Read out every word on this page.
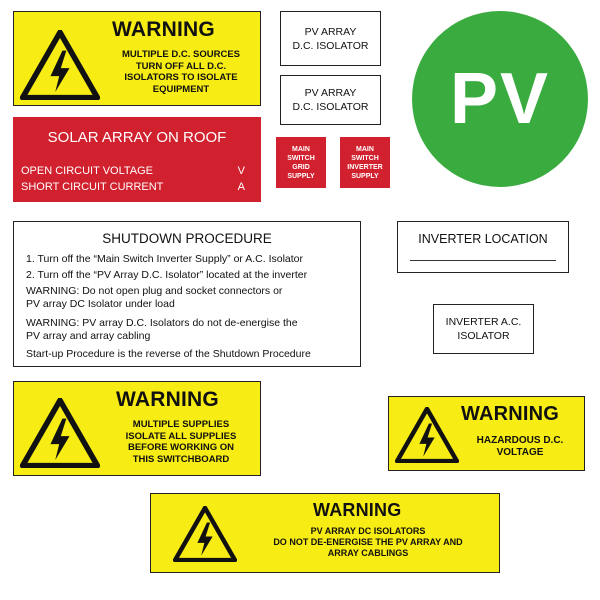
WARNING
MULTIPLE D.C. SOURCES
TURN OFF ALL D.C.
ISOLATORS TO ISOLATE
EQUIPMENT
PV ARRAY
D.C. ISOLATOR
PV ARRAY
D.C. ISOLATOR PV
SOLAR ARRAY ON ROOF
OPEN CIRCUIT VOLTAGE	V
SHORT CIRCUIT CURRENT	A
MAIN
SWITCH
GRID
SUPPLY
MAIN
SWITCH
INVERTER
SUPPLY
SHUTDOWN PROCEDURE
1. Turn off the “Main Switch Inverter Supply” or A.C. Isolator
2. Turn off the “PV Array D.C. Isolator” located at the inverter
WARNING: Do not open plug and socket connectors or
PV array DC Isolator under load
WARNING: PV array D.C. Isolators do not de-energise the
PV array and array cabling
Start-up Procedure is the reverse of the Shutdown Procedure
INVERTER LOCATION
INVERTER A.C.
ISOLATOR
WARNING
MULTIPLE SUPPLIES
ISOLATE ALL SUPPLIES
BEFORE WORKING ON
THIS SWITCHBOARD
WARNING
HAZARDOUS D.C.
VOLTAGE
WARNING
PV ARRAY DC ISOLATORS
DO NOT DE-ENERGISE THE PV ARRAY AND
ARRAY CABLINGS
